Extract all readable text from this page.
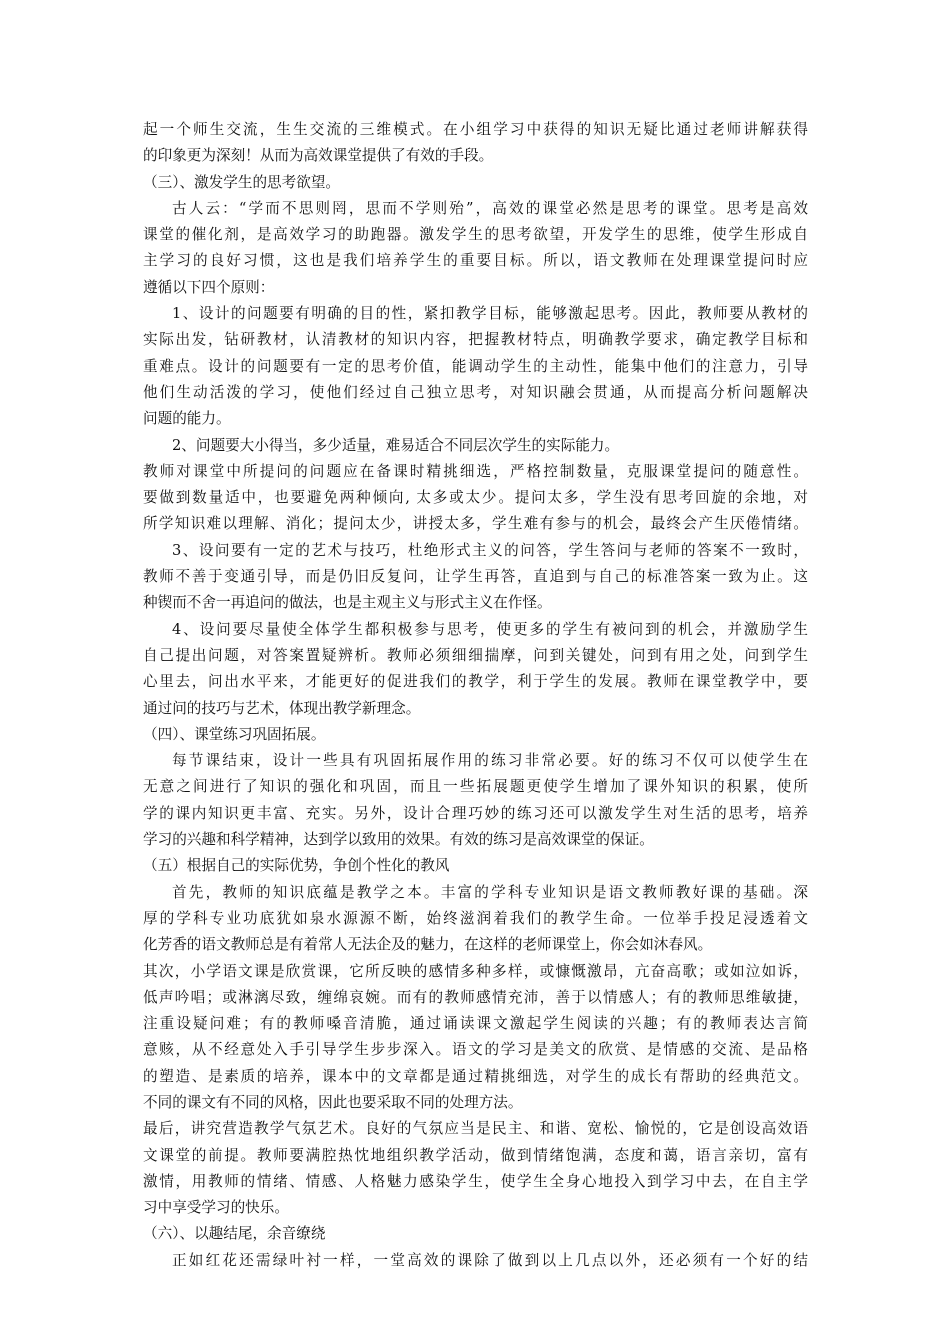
起一个师生交流，生生交流的三维模式。在小组学习中获得的知识无疑比通过老师讲解获得
的印象更为深刻！从而为高效课堂提供了有效的手段。
（三）、激发学生的思考欲望。
古人云：“学而不思则罔，思而不学则殆”，高效的课堂必然是思考的课堂。思考是高效
课堂的催化剂，是高效学习的助跑器。激发学生的思考欲望，开发学生的思维，使学生形成自
主学习的良好习惯，这也是我们培养学生的重要目标。所以，语文教师在处理课堂提问时应
遵循以下四个原则：
1、设计的问题要有明确的目的性，紧扣教学目标，能够激起思考。因此，教师要从教材的
实际出发，钻研教材，认清教材的知识内容，把握教材特点，明确教学要求，确定教学目标和
重难点。设计的问题要有一定的思考价值，能调动学生的主动性，能集中他们的注意力，引导
他们生动活泼的学习，使他们经过自己独立思考，对知识融会贯通，从而提高分析问题解决
问题的能力。
2、问题要大小得当，多少适量，难易适合不同层次学生的实际能力。
教师对课堂中所提问的问题应在备课时精挑细选，严格控制数量，克服课堂提问的随意性。
要做到数量适中，也要避免两种倾向, 太多或太少。提问太多，学生没有思考回旋的余地，对
所学知识难以理解、消化；提问太少，讲授太多，学生难有参与的机会，最终会产生厌倦情绪。
3、设问要有一定的艺术与技巧，杜绝形式主义的问答，学生答问与老师的答案不一致时，
教师不善于变通引导，而是仍旧反复问，让学生再答，直追到与自己的标准答案一致为止。这
种锲而不舍一再追问的做法，也是主观主义与形式主义在作怪。
4、设问要尽量使全体学生都积极参与思考，使更多的学生有被问到的机会，并激励学生
自己提出问题，对答案置疑辨析。教师必须细细揣摩，问到关键处，问到有用之处，问到学生
心里去，问出水平来，才能更好的促进我们的教学，利于学生的发展。教师在课堂教学中，要
通过问的技巧与艺术，体现出教学新理念。
（四）、课堂练习巩固拓展。
每节课结束，设计一些具有巩固拓展作用的练习非常必要。好的练习不仅可以使学生在
无意之间进行了知识的强化和巩固，而且一些拓展题更使学生增加了课外知识的积累，使所
学的课内知识更丰富、充实。另外，设计合理巧妙的练习还可以激发学生对生活的思考，培养
学习的兴趣和科学精神，达到学以致用的效果。有效的练习是高效课堂的保证。
（五）根据自己的实际优势，争创个性化的教风
首先，教师的知识底蕴是教学之本。丰富的学科专业知识是语文教师教好课的基础。深
厚的学科专业功底犹如泉水源源不断，始终滋润着我们的教学生命。一位举手投足浸透着文
化芳香的语文教师总是有着常人无法企及的魅力，在这样的老师课堂上，你会如沐春风。
其次，小学语文课是欣赏课，它所反映的感情多种多样，或慷慨激昂，亢奋高歌；或如泣如诉，
低声吟唱；或淋漓尽致，缠绵哀婉。而有的教师感情充沛，善于以情感人；有的教师思维敏捷，
注重设疑问难；有的教师嗓音清脆，通过诵读课文激起学生阅读的兴趣；有的教师表达言简
意赅，从不经意处入手引导学生步步深入。语文的学习是美文的欣赏、是情感的交流、是品格
的塑造、是素质的培养，课本中的文章都是通过精挑细选，对学生的成长有帮助的经典范文。
不同的课文有不同的风格，因此也要采取不同的处理方法。
最后，讲究营造教学气氛艺术。良好的气氛应当是民主、和谐、宽松、愉悦的，它是创设高效语
文课堂的前提。教师要满腔热忱地组织教学活动，做到情绪饱满，态度和蔼，语言亲切，富有
激情，用教师的情绪、情感、人格魅力感染学生，使学生全身心地投入到学习中去，在自主学
习中享受学习的快乐。
（六）、以趣结尾，余音缭绕
正如红花还需绿叶衬一样，一堂高效的课除了做到以上几点以外，还必须有一个好的结
